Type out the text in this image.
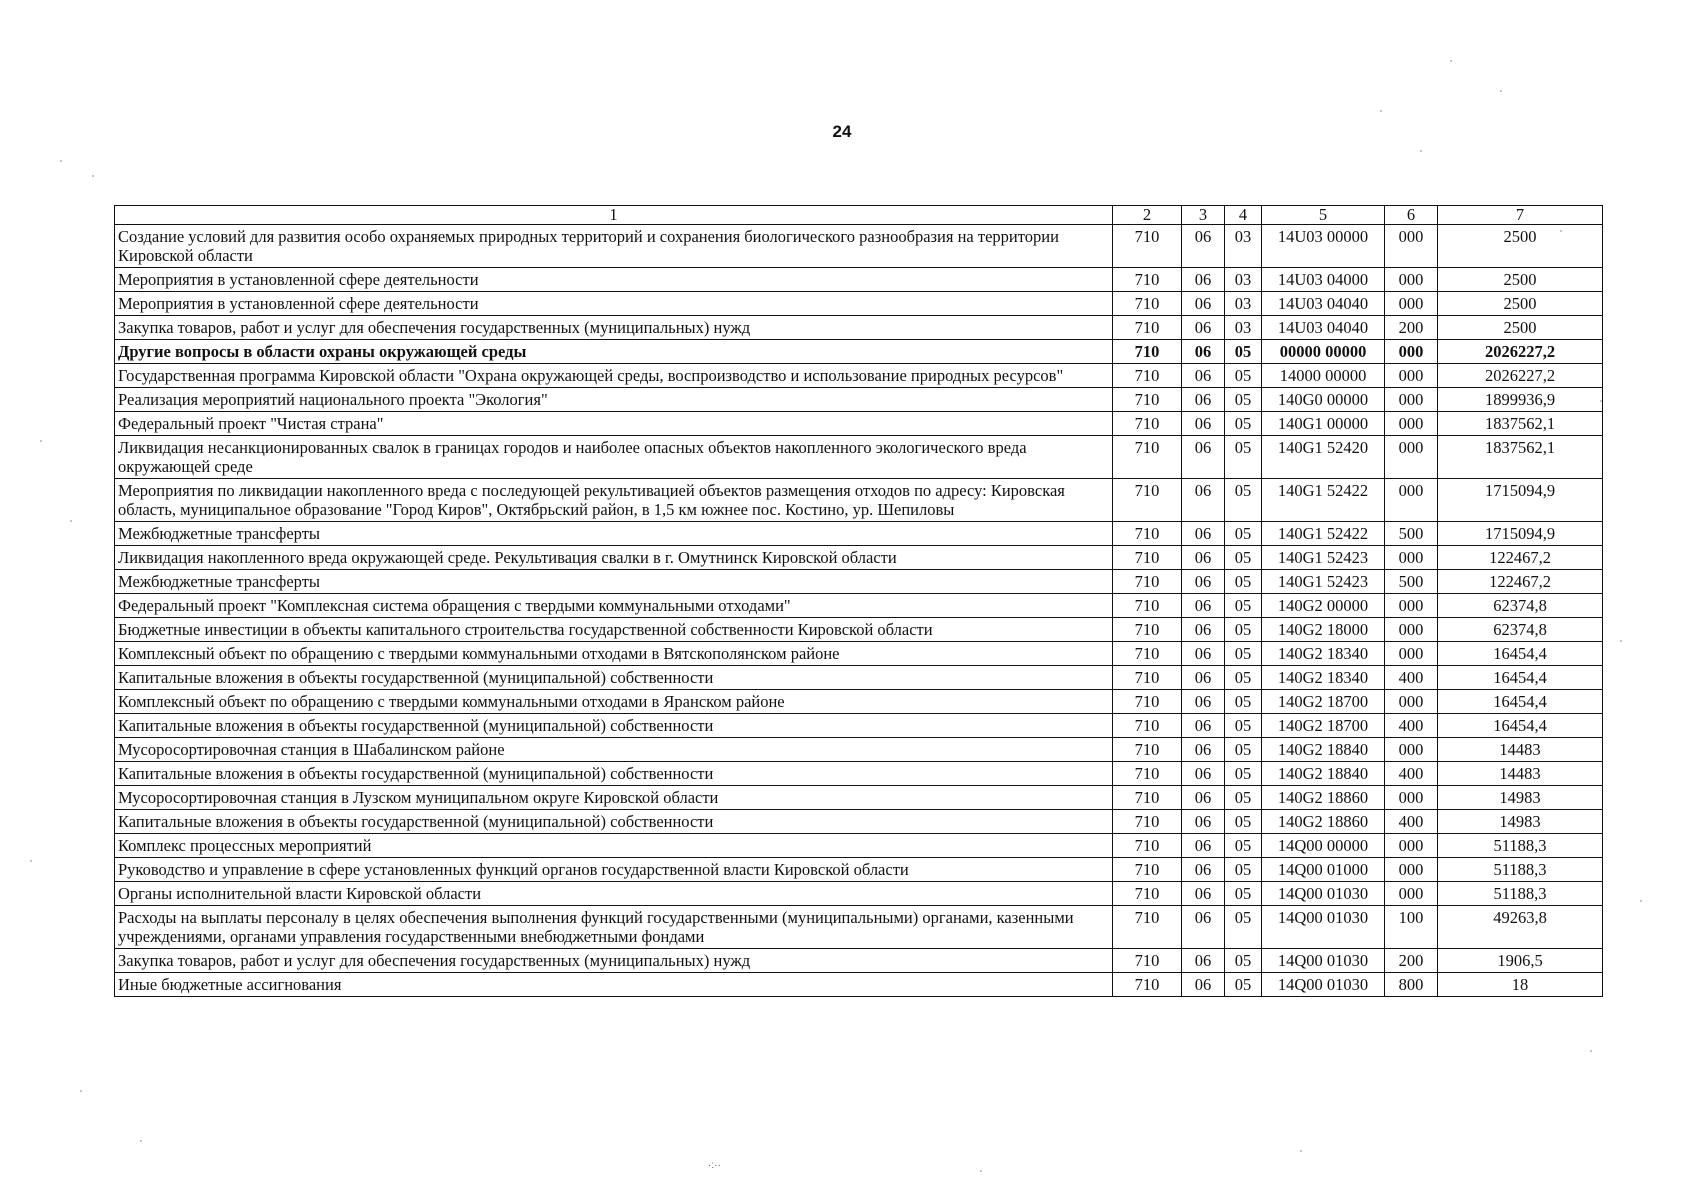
24
1	2	3	4	5	6	7
Создание условий для развития особо охраняемых природных территорий и сохранения биологического разнообразия на территории Кировской области	710	06	03	14U03 00000	000	2500
Мероприятия в установленной сфере деятельности	710	06	03	14U03 04000	000	2500
Мероприятия в установленной сфере деятельности	710	06	03	14U03 04040	000	2500
Закупка товаров, работ и услуг для обеспечения государственных (муниципальных) нужд	710	06	03	14U03 04040	200	2500
Другие вопросы в области охраны окружающей среды	710	06	05	00000 00000	000	2026227,2
Государственная программа Кировской области "Охрана окружающей среды, воспроизводство и использование природных ресурсов"	710	06	05	14000 00000	000	2026227,2
Реализация мероприятий национального проекта "Экология"	710	06	05	140G0 00000	000	1899936,9
Федеральный проект "Чистая страна"	710	06	05	140G1 00000	000	1837562,1
Ликвидация несанкционированных свалок в границах городов и наиболее опасных объектов накопленного экологического вреда окружающей среде	710	06	05	140G1 52420	000	1837562,1
Мероприятия по ликвидации накопленного вреда с последующей рекультивацией объектов размещения отходов по адресу: Кировская область, муниципальное образование "Город Киров", Октябрьский район, в 1,5 км южнее пос. Костино, ур. Шепиловы	710	06	05	140G1 52422	000	1715094,9
Межбюджетные трансферты	710	06	05	140G1 52422	500	1715094,9
Ликвидация накопленного вреда окружающей среде. Рекультивация свалки в г. Омутнинск Кировской области	710	06	05	140G1 52423	000	122467,2
Межбюджетные трансферты	710	06	05	140G1 52423	500	122467,2
Федеральный проект "Комплексная система обращения с твердыми коммунальными отходами"	710	06	05	140G2 00000	000	62374,8
Бюджетные инвестиции в объекты капитального строительства государственной собственности Кировской области	710	06	05	140G2 18000	000	62374,8
Комплексный объект по обращению с твердыми коммунальными отходами в Вятскополянском районе	710	06	05	140G2 18340	000	16454,4
Капитальные вложения в объекты государственной (муниципальной) собственности	710	06	05	140G2 18340	400	16454,4
Комплексный объект по обращению с твердыми коммунальными отходами в Яранском районе	710	06	05	140G2 18700	000	16454,4
Капитальные вложения в объекты государственной (муниципальной) собственности	710	06	05	140G2 18700	400	16454,4
Мусоросортировочная станция в Шабалинском районе	710	06	05	140G2 18840	000	14483
Капитальные вложения в объекты государственной (муниципальной) собственности	710	06	05	140G2 18840	400	14483
Мусоросортировочная станция в Лузском муниципальном округе Кировской области	710	06	05	140G2 18860	000	14983
Капитальные вложения в объекты государственной (муниципальной) собственности	710	06	05	140G2 18860	400	14983
Комплекс процессных мероприятий	710	06	05	14Q00 00000	000	51188,3
Руководство и управление в сфере установленных функций органов государственной власти Кировской области	710	06	05	14Q00 01000	000	51188,3
Органы исполнительной власти Кировской области	710	06	05	14Q00 01030	000	51188,3
Расходы на выплаты персоналу в целях обеспечения выполнения функций государственными (муниципальными) органами, казенными учреждениями, органами управления государственными внебюджетными фондами	710	06	05	14Q00 01030	100	49263,8
Закупка товаров, работ и услуг для обеспечения государственных (муниципальных) нужд	710	06	05	14Q00 01030	200	1906,5
Иные бюджетные ассигнования	710	06	05	14Q00 01030	800	18
·:··
